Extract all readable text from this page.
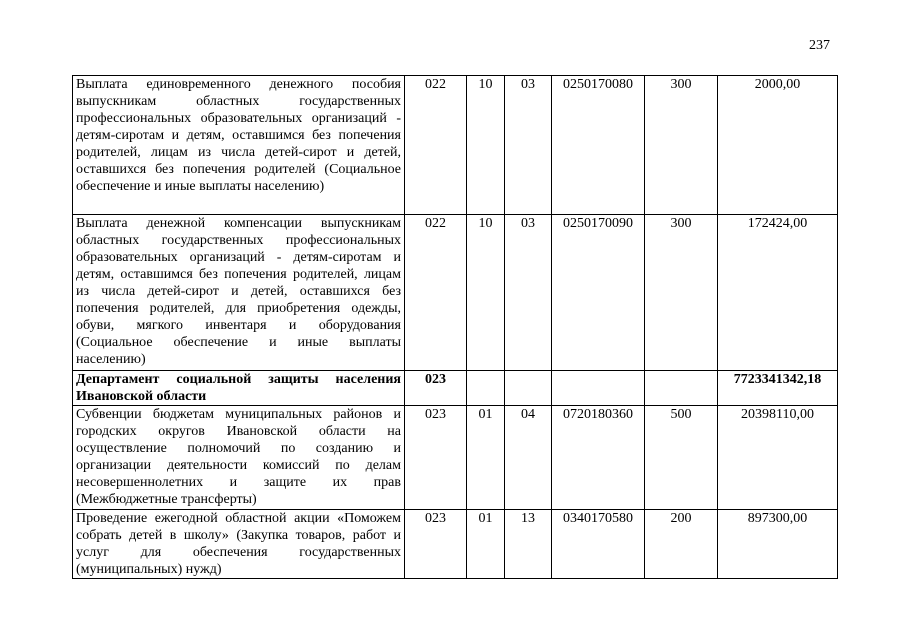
237
Выплата единовременного денежного пособия выпускникам областных государственных профессиональных образовательных организаций - детям-сиротам и детям, оставшимся без попечения родителей, лицам из числа детей-сирот и детей, оставшихся без попечения родителей (Социальное обеспечение и иные выплаты населению)	022	10	03	0250170080	300	2000,00
Выплата денежной компенсации выпускникам областных государственных профессиональных образовательных организаций - детям-сиротам и детям, оставшимся без попечения родителей, лицам из числа детей-сирот и детей, оставшихся без попечения родителей, для приобретения одежды, обуви, мягкого инвентаря и оборудования (Социальное обеспечение и иные выплаты населению)	022	10	03	0250170090	300	172424,00
Департамент социальной защиты населения Ивановской области	023					7723341342,18
Субвенции бюджетам муниципальных районов и городских округов Ивановской области на осуществление полномочий по созданию и организации деятельности комиссий по делам несовершеннолетних и защите их прав (Межбюджетные трансферты)	023	01	04	0720180360	500	20398110,00
Проведение ежегодной областной акции «Поможем собрать детей в школу» (Закупка товаров, работ и услуг для обеспечения государственных (муниципальных) нужд)	023	01	13	0340170580	200	897300,00
